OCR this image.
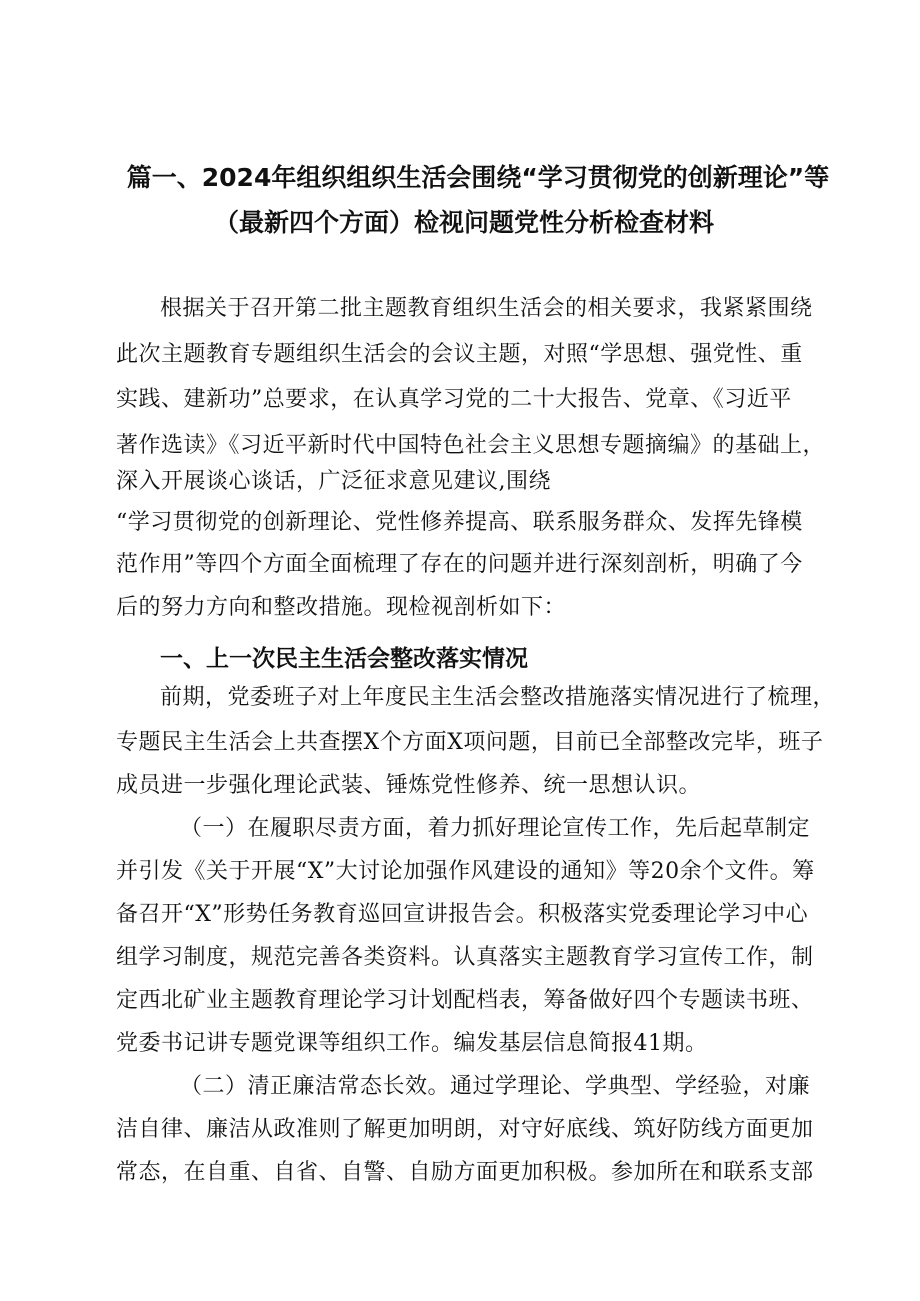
篇一、2024年组织组织生活会围绕“学习贯彻党的创新理论”等
（最新四个方面）检视问题党性分析检查材料
根据关于召开第二批主题教育组织生活会的相关要求，我紧紧围绕
此次主题教育专题组织生活会的会议主题，对照“学思想、强党性、重
实践、建新功”总要求，在认真学习党的二十大报告、党章、《习近平
著作选读》《习近平新时代中国特色社会主义思想专题摘编》的基础上，
深入开展谈心谈话，广泛征求意见建议,围绕
“学习贯彻党的创新理论、党性修养提高、联系服务群众、发挥先锋模
范作用”等四个方面全面梳理了存在的问题并进行深刻剖析，明确了今
后的努力方向和整改措施。现检视剖析如下：
一、上一次民主生活会整改落实情况
前期，党委班子对上年度民主生活会整改措施落实情况进行了梳理，
专题民主生活会上共查摆X个方面X项问题，目前已全部整改完毕，班子
成员进一步强化理论武装、锤炼党性修养、统一思想认识。
（一）在履职尽责方面，着力抓好理论宣传工作，先后起草制定
并引发《关于开展“X”大讨论加强作风建设的通知》等20余个文件。筹
备召开“X”形势任务教育巡回宣讲报告会。积极落实党委理论学习中心
组学习制度，规范完善各类资料。认真落实主题教育学习宣传工作，制
定西北矿业主题教育理论学习计划配档表，筹备做好四个专题读书班、
党委书记讲专题党课等组织工作。编发基层信息简报41期。
（二）清正廉洁常态长效。通过学理论、学典型、学经验，对廉
洁自律、廉洁从政准则了解更加明朗，对守好底线、筑好防线方面更加
常态，在自重、自省、自警、自励方面更加积极。参加所在和联系支部
